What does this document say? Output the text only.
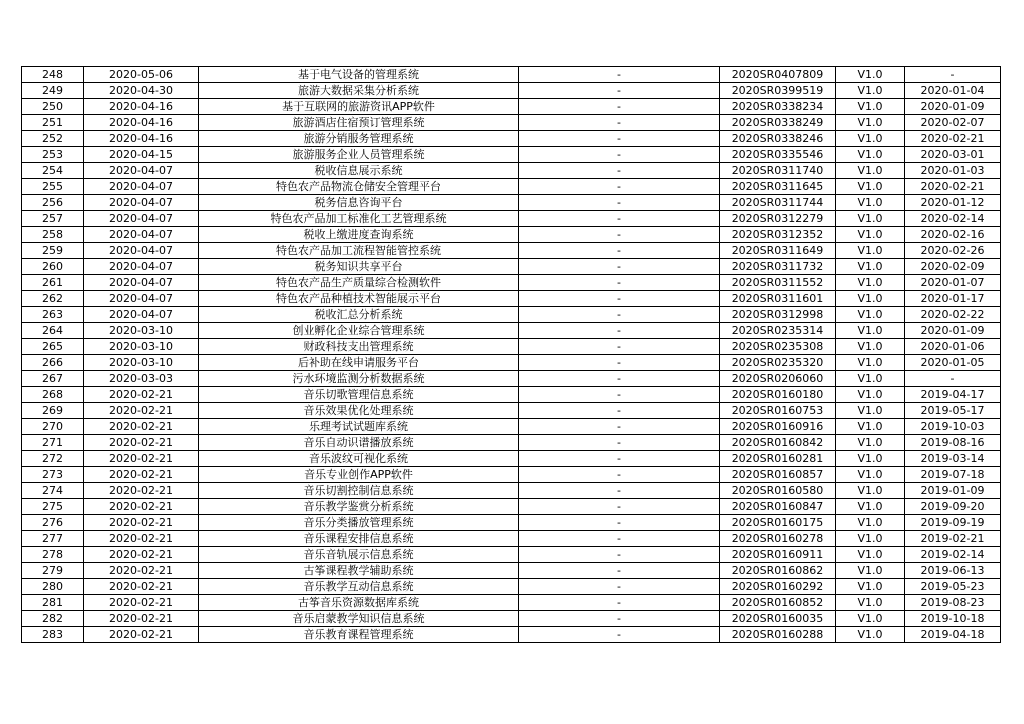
248	2020-05-06	基于电气设备的管理系统	-	2020SR0407809	V1.0	-
249	2020-04-30	旅游大数据采集分析系统	-	2020SR0399519	V1.0	2020-01-04
250	2020-04-16	基于互联网的旅游资讯APP软件	-	2020SR0338234	V1.0	2020-01-09
251	2020-04-16	旅游酒店住宿预订管理系统	-	2020SR0338249	V1.0	2020-02-07
252	2020-04-16	旅游分销服务管理系统	-	2020SR0338246	V1.0	2020-02-21
253	2020-04-15	旅游服务企业人员管理系统	-	2020SR0335546	V1.0	2020-03-01
254	2020-04-07	税收信息展示系统	-	2020SR0311740	V1.0	2020-01-03
255	2020-04-07	特色农产品物流仓储安全管理平台	-	2020SR0311645	V1.0	2020-02-21
256	2020-04-07	税务信息咨询平台	-	2020SR0311744	V1.0	2020-01-12
257	2020-04-07	特色农产品加工标准化工艺管理系统	-	2020SR0312279	V1.0	2020-02-14
258	2020-04-07	税收上缴进度查询系统	-	2020SR0312352	V1.0	2020-02-16
259	2020-04-07	特色农产品加工流程智能管控系统	-	2020SR0311649	V1.0	2020-02-26
260	2020-04-07	税务知识共享平台	-	2020SR0311732	V1.0	2020-02-09
261	2020-04-07	特色农产品生产质量综合检测软件	-	2020SR0311552	V1.0	2020-01-07
262	2020-04-07	特色农产品种植技术智能展示平台	-	2020SR0311601	V1.0	2020-01-17
263	2020-04-07	税收汇总分析系统	-	2020SR0312998	V1.0	2020-02-22
264	2020-03-10	创业孵化企业综合管理系统	-	2020SR0235314	V1.0	2020-01-09
265	2020-03-10	财政科技支出管理系统	-	2020SR0235308	V1.0	2020-01-06
266	2020-03-10	后补助在线申请服务平台	-	2020SR0235320	V1.0	2020-01-05
267	2020-03-03	污水环境监测分析数据系统	-	2020SR0206060	V1.0	-
268	2020-02-21	音乐切歌管理信息系统	-	2020SR0160180	V1.0	2019-04-17
269	2020-02-21	音乐效果优化处理系统	-	2020SR0160753	V1.0	2019-05-17
270	2020-02-21	乐理考试试题库系统	-	2020SR0160916	V1.0	2019-10-03
271	2020-02-21	音乐自动识谱播放系统	-	2020SR0160842	V1.0	2019-08-16
272	2020-02-21	音乐波纹可视化系统	-	2020SR0160281	V1.0	2019-03-14
273	2020-02-21	音乐专业创作APP软件	-	2020SR0160857	V1.0	2019-07-18
274	2020-02-21	音乐切割控制信息系统	-	2020SR0160580	V1.0	2019-01-09
275	2020-02-21	音乐教学鉴赏分析系统	-	2020SR0160847	V1.0	2019-09-20
276	2020-02-21	音乐分类播放管理系统	-	2020SR0160175	V1.0	2019-09-19
277	2020-02-21	音乐课程安排信息系统	-	2020SR0160278	V1.0	2019-02-21
278	2020-02-21	音乐音轨展示信息系统	-	2020SR0160911	V1.0	2019-02-14
279	2020-02-21	古筝课程教学辅助系统	-	2020SR0160862	V1.0	2019-06-13
280	2020-02-21	音乐教学互动信息系统	-	2020SR0160292	V1.0	2019-05-23
281	2020-02-21	古筝音乐资源数据库系统	-	2020SR0160852	V1.0	2019-08-23
282	2020-02-21	音乐启蒙教学知识信息系统	-	2020SR0160035	V1.0	2019-10-18
283	2020-02-21	音乐教育课程管理系统	-	2020SR0160288	V1.0	2019-04-18
